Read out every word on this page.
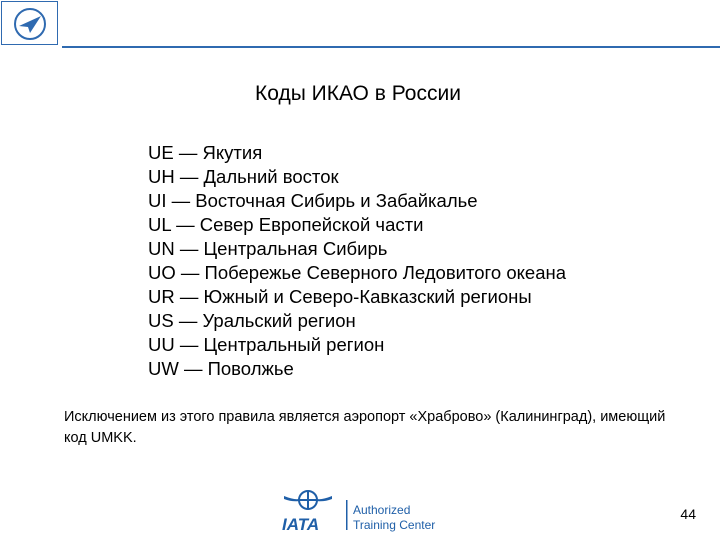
Коды ИКАО в России
UE — Якутия
UH — Дальний восток
UI — Восточная Сибирь и Забайкалье
UL — Север Европейской части
UN — Центральная Сибирь
UO — Побережье Северного Ледовитого океана
UR — Южный и Северо-Кавказский регионы
US — Уральский регион
UU — Центральный регион
UW — Поволжье
Исключением из этого правила является аэропорт «Храброво» (Калининград), имеющий код UMKK.
IATA
Authorized
Training Center
44
